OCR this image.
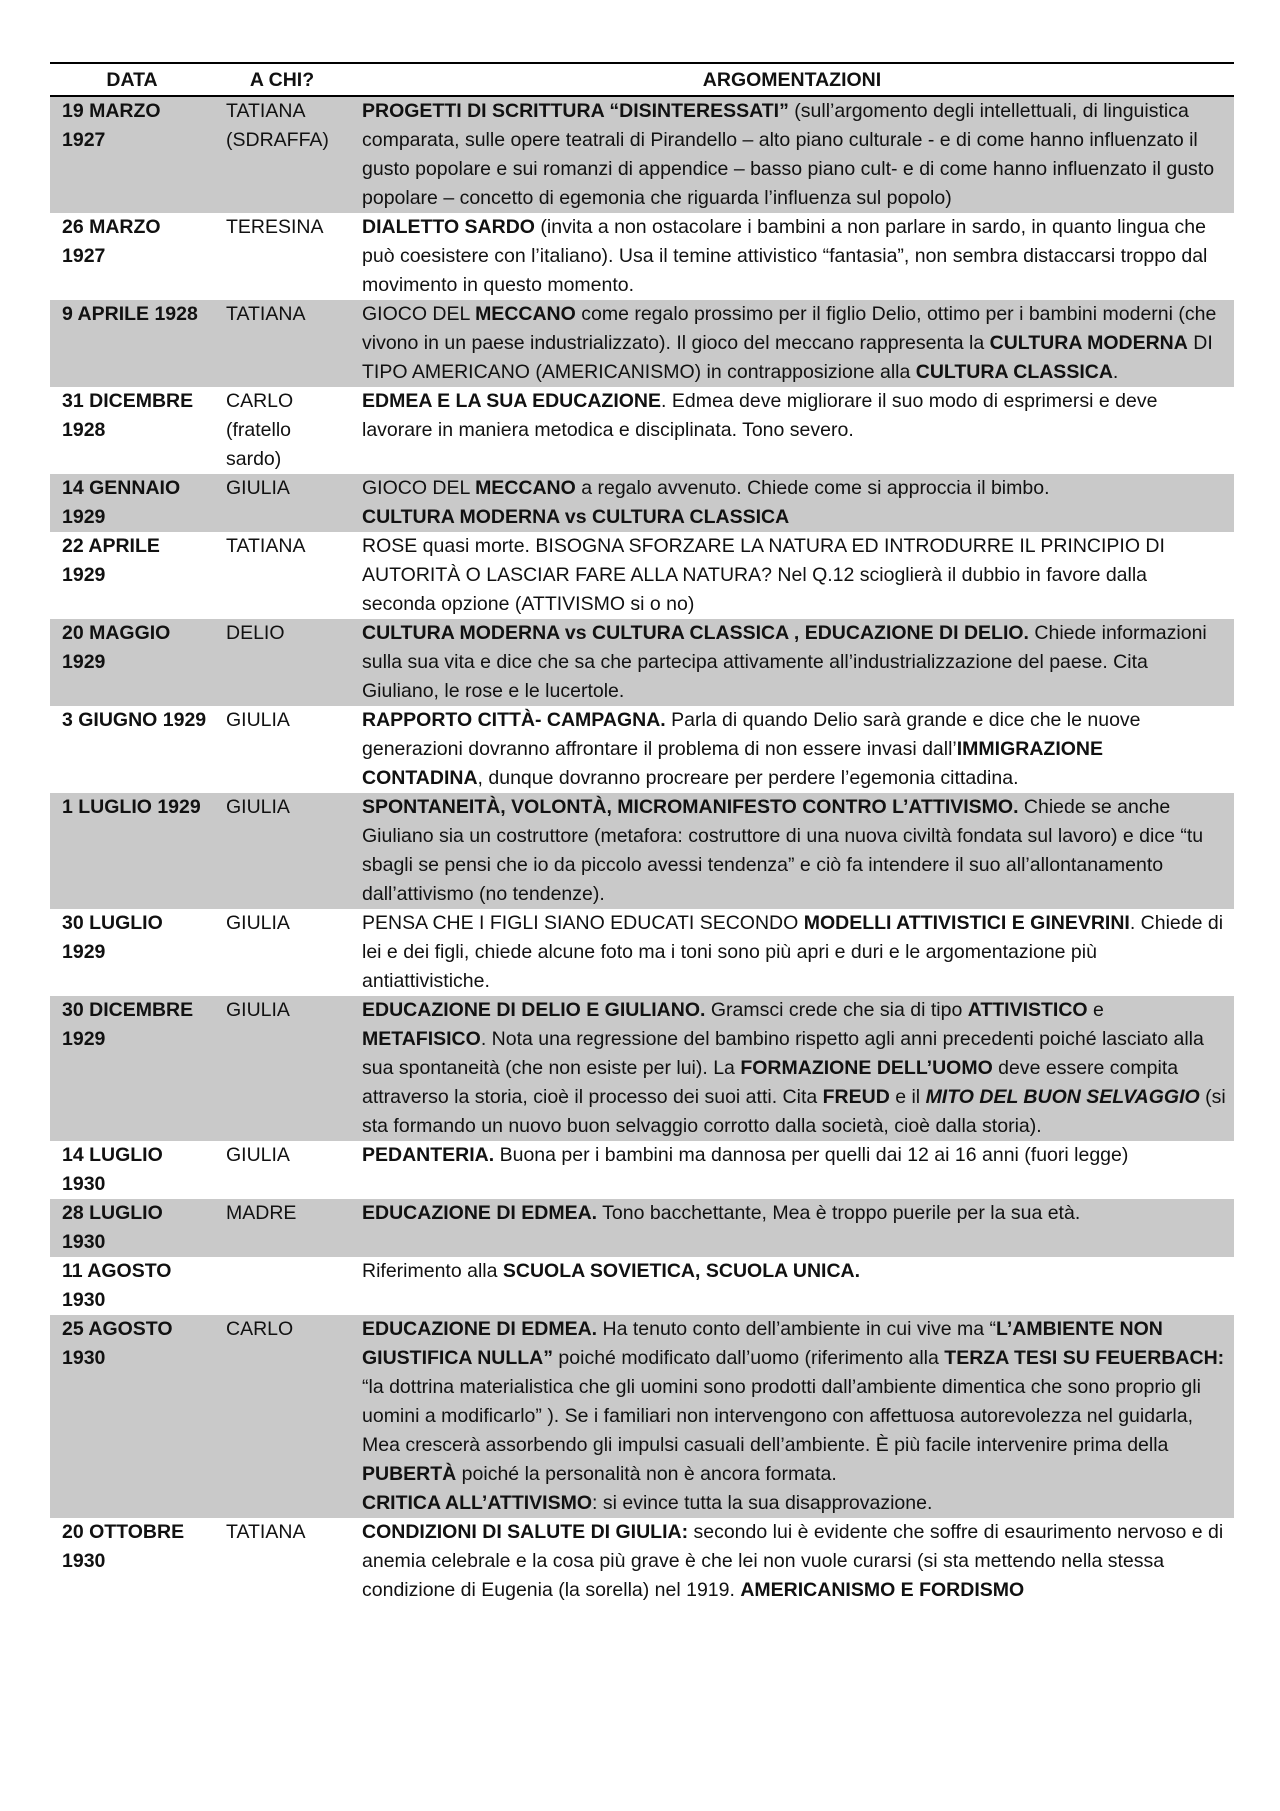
DATA	A CHI?	ARGOMENTAZIONI
19 MARZO 1927	TATIANA (SDRAFFA)	PROGETTI DI SCRITTURA “DISINTERESSATI” (sull’argomento degli intellettuali, di linguistica comparata, sulle opere teatrali di Pirandello – alto piano culturale - e di come hanno influenzato il gusto popolare e sui romanzi di appendice – basso piano cult- e di come hanno influenzato il gusto popolare – concetto di egemonia che riguarda l’influenza sul popolo)
26 MARZO 1927	TERESINA	DIALETTO SARDO (invita a non ostacolare i bambini a non parlare in sardo, in quanto lingua che può coesistere con l’italiano). Usa il temine attivistico “fantasia”, non sembra distaccarsi troppo dal movimento in questo momento.
9 APRILE 1928	TATIANA	GIOCO DEL MECCANO come regalo prossimo per il figlio Delio, ottimo per i bambini moderni (che vivono in un paese industrializzato). Il gioco del meccano rappresenta la CULTURA MODERNA DI TIPO AMERICANO (AMERICANISMO) in contrapposizione alla CULTURA CLASSICA.
31 DICEMBRE 1928	CARLO (fratello sardo)	EDMEA E LA SUA EDUCAZIONE. Edmea deve migliorare il suo modo di esprimersi e deve lavorare in maniera metodica e disciplinata. Tono severo.
14 GENNAIO 1929	GIULIA	GIOCO DEL MECCANO a regalo avvenuto. Chiede come si approccia il bimbo.
CULTURA MODERNA vs CULTURA CLASSICA
22 APRILE 1929	TATIANA	ROSE quasi morte. BISOGNA SFORZARE LA NATURA ED INTRODURRE IL PRINCIPIO DI AUTORITÀ O LASCIAR FARE ALLA NATURA? Nel Q.12 scioglierà il dubbio in favore dalla seconda opzione (ATTIVISMO si o no)
20 MAGGIO 1929	DELIO	CULTURA MODERNA vs CULTURA CLASSICA , EDUCAZIONE DI DELIO. Chiede informazioni sulla sua vita e dice che sa che partecipa attivamente all’industrializzazione del paese. Cita Giuliano, le rose e le lucertole.
3 GIUGNO 1929	GIULIA	RAPPORTO CITTÀ- CAMPAGNA. Parla di quando Delio sarà grande e dice che le nuove generazioni dovranno affrontare il problema di non essere invasi dall’IMMIGRAZIONE CONTADINA, dunque dovranno procreare per perdere l’egemonia cittadina.
1 LUGLIO 1929	GIULIA	SPONTANEITÀ, VOLONTÀ, MICROMANIFESTO CONTRO L’ATTIVISMO. Chiede se anche Giuliano sia un costruttore (metafora: costruttore di una nuova civiltà fondata sul lavoro) e dice “tu sbagli se pensi che io da piccolo avessi tendenza” e ciò fa intendere il suo all’allontanamento dall’attivismo (no tendenze).
30 LUGLIO 1929	GIULIA	PENSA CHE I FIGLI SIANO EDUCATI SECONDO MODELLI ATTIVISTICI E GINEVRINI. Chiede di lei e dei figli, chiede alcune foto ma i toni sono più apri e duri e le argomentazione più antiattivistiche.
30 DICEMBRE 1929	GIULIA	EDUCAZIONE DI DELIO E GIULIANO. Gramsci crede che sia di tipo ATTIVISTICO e METAFISICO. Nota una regressione del bambino rispetto agli anni precedenti poiché lasciato alla sua spontaneità (che non esiste per lui). La FORMAZIONE DELL’UOMO deve essere compita attraverso la storia, cioè il processo dei suoi atti. Cita FREUD e il MITO DEL BUON SELVAGGIO (si sta formando un nuovo buon selvaggio corrotto dalla società, cioè dalla storia).
14 LUGLIO 1930	GIULIA	PEDANTERIA. Buona per i bambini ma dannosa per quelli dai 12 ai 16 anni (fuori legge)
28 LUGLIO 1930	MADRE	EDUCAZIONE DI EDMEA. Tono bacchettante, Mea è troppo puerile per la sua età.
11 AGOSTO 1930		Riferimento alla SCUOLA SOVIETICA, SCUOLA UNICA.
25 AGOSTO 1930	CARLO	EDUCAZIONE DI EDMEA. Ha tenuto conto dell’ambiente in cui vive ma “L’AMBIENTE NON GIUSTIFICA NULLA” poiché modificato dall’uomo (riferimento alla TERZA TESI SU FEUERBACH: “la dottrina materialistica che gli uomini sono prodotti dall’ambiente dimentica che sono proprio gli uomini a modificarlo” ). Se i familiari non intervengono con affettuosa autorevolezza nel guidarla, Mea crescerà assorbendo gli impulsi casuali dell’ambiente. È più facile intervenire prima della PUBERTÀ poiché la personalità non è ancora formata.
CRITICA ALL’ATTIVISMO: si evince tutta la sua disapprovazione.
20 OTTOBRE 1930	TATIANA	CONDIZIONI DI SALUTE DI GIULIA: secondo lui è evidente che soffre di esaurimento nervoso e di anemia celebrale e la cosa più grave è che lei non vuole curarsi (si sta mettendo nella stessa condizione di Eugenia (la sorella) nel 1919. AMERICANISMO E FORDISMO
